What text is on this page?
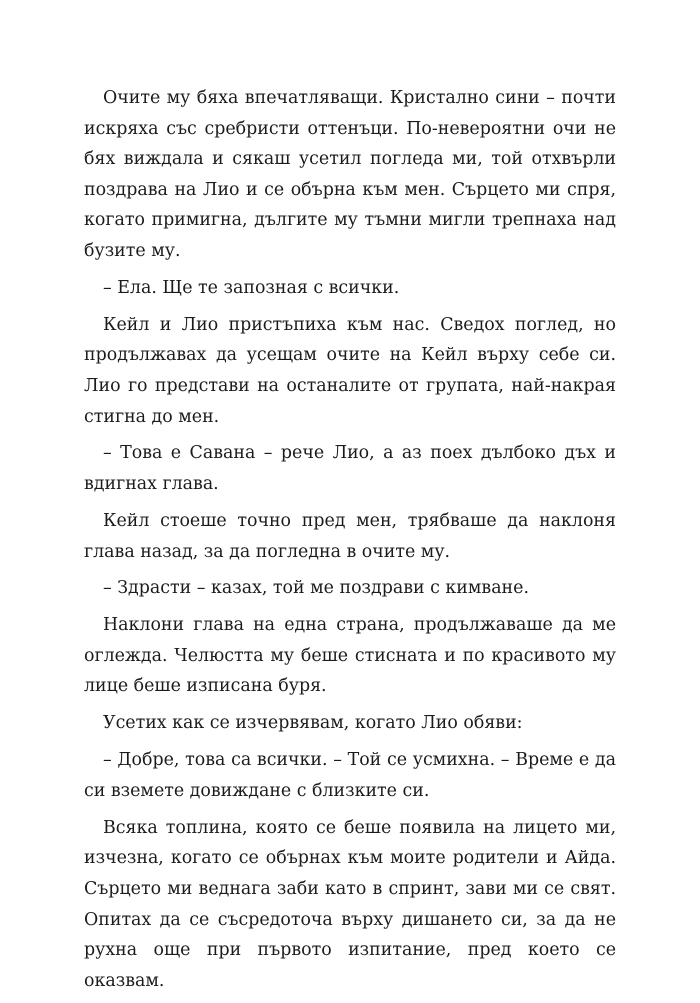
Очите му бяха впечатляващи. Кристално сини – почти искряха със сребристи оттенъци. По-невероятни очи не бях виждала и сякаш усетил погледа ми, той отхвърли поздрава на Лио и се обърна към мен. Сърцето ми спря, когато примигна, дългите му тъмни мигли трепнаха над бузите му.

– Ела. Ще те запозная с всички.

Кейл и Лио пристъпиха към нас. Сведох поглед, но продължавах да усещам очите на Кейл върху себе си. Лио го представи на останалите от групата, най-накрая стигна до мен.

– Това е Савана – рече Лио, а аз поех дълбоко дъх и вдигнах глава.

Кейл стоеше точно пред мен, трябваше да наклоня глава назад, за да погледна в очите му.

– Здрасти – казах, той ме поздрави с кимване.

Наклони глава на една страна, продължаваше да ме оглежда. Челюстта му беше стисната и по красивото му лице беше изписана буря.

Усетих как се изчервявам, когато Лио обяви:

– Добре, това са всички. – Той се усмихна. – Време е да си вземете довиждане с близките си.

Всяка топлина, която се беше появила на лицето ми, изчезна, когато се обърнах към моите родители и Айда. Сърцето ми веднага заби като в спринт, зави ми се свят. Опитах да се съсредоточа върху дишането си, за да не рухна още при първото изпитание, пред което се оказвам.
